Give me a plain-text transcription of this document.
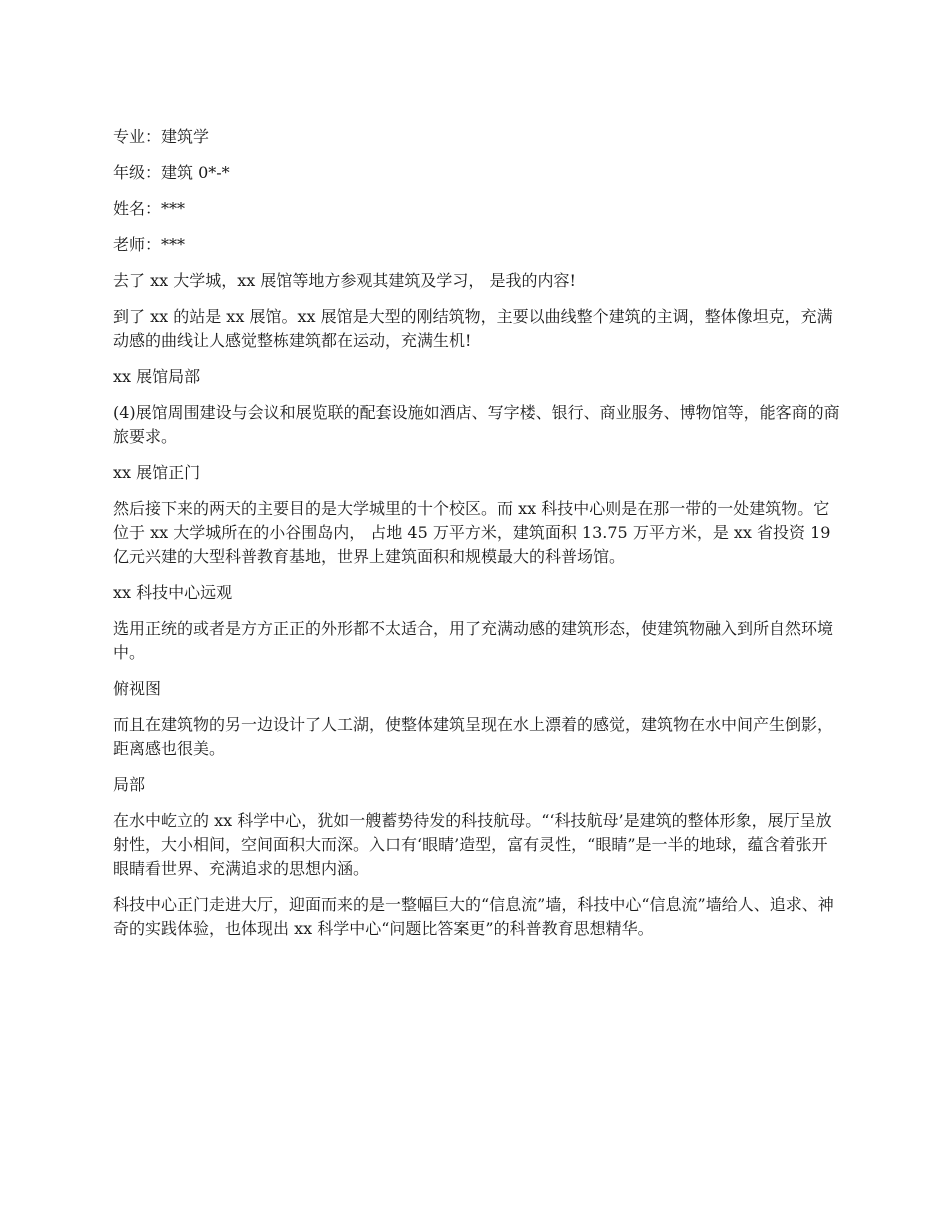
专业：建筑学

年级：建筑 0*-*

姓名：***

老师：***

去了 xx 大学城，xx 展馆等地方参观其建筑及学习， 是我的内容!

到了 xx 的站是 xx 展馆。xx 展馆是大型的刚结筑物，主要以曲线整个建筑的主调，整体像坦克，充满动感的曲线让人感觉整栋建筑都在运动，充满生机!

xx 展馆局部

(4)展馆周围建设与会议和展览联的配套设施如酒店、写字楼、银行、商业服务、博物馆等，能客商的商旅要求。

xx 展馆正门

然后接下来的两天的主要目的是大学城里的十个校区。而 xx 科技中心则是在那一带的一处建筑物。它位于 xx 大学城所在的小谷围岛内， 占地 45 万平方米，建筑面积 13.75 万平方米，是 xx 省投资 19 亿元兴建的大型科普教育基地，世界上建筑面积和规模最大的科普场馆。

xx 科技中心远观

选用正统的或者是方方正正的外形都不太适合，用了充满动感的建筑形态，使建筑物融入到所自然环境中。

俯视图

而且在建筑物的另一边设计了人工湖，使整体建筑呈现在水上漂着的感觉，建筑物在水中间产生倒影，距离感也很美。

局部

在水中屹立的 xx 科学中心，犹如一艘蓄势待发的科技航母。“‘科技航母’是建筑的整体形象，展厅呈放射性，大小相间，空间面积大而深。入口有‘眼睛’造型，富有灵性，“眼睛”是一半的地球，蕴含着张开眼睛看世界、充满追求的思想内涵。

科技中心正门走进大厅，迎面而来的是一整幅巨大的“信息流”墙，科技中心“信息流”墙给人、追求、神奇的实践体验，也体现出 xx 科学中心“问题比答案更”的科普教育思想精华。
